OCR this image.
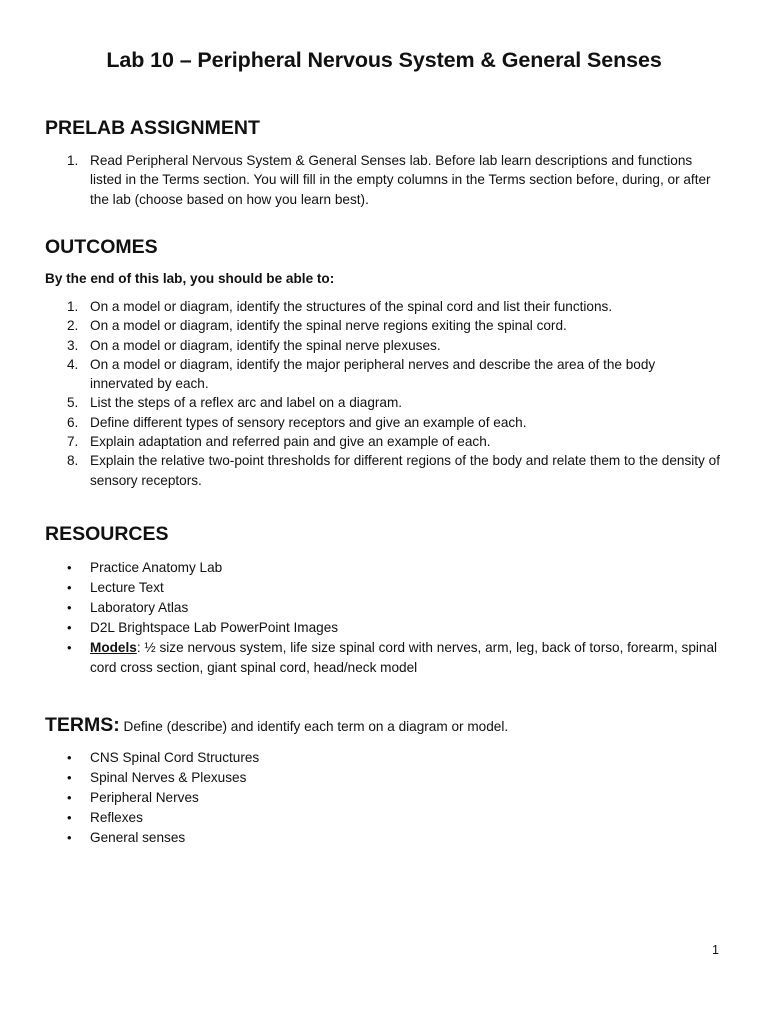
Lab 10 – Peripheral Nervous System & General Senses
PRELAB ASSIGNMENT
1. Read Peripheral Nervous System & General Senses lab. Before lab learn descriptions and functions listed in the Terms section. You will fill in the empty columns in the Terms section before, during, or after the lab (choose based on how you learn best).
OUTCOMES
By the end of this lab, you should be able to:
1. On a model or diagram, identify the structures of the spinal cord and list their functions.
2. On a model or diagram, identify the spinal nerve regions exiting the spinal cord.
3. On a model or diagram, identify the spinal nerve plexuses.
4. On a model or diagram, identify the major peripheral nerves and describe the area of the body innervated by each.
5. List the steps of a reflex arc and label on a diagram.
6. Define different types of sensory receptors and give an example of each.
7. Explain adaptation and referred pain and give an example of each.
8. Explain the relative two-point thresholds for different regions of the body and relate them to the density of sensory receptors.
RESOURCES
• Practice Anatomy Lab
• Lecture Text
• Laboratory Atlas
• D2L Brightspace Lab PowerPoint Images
• Models: ½ size nervous system, life size spinal cord with nerves, arm, leg, back of torso, forearm, spinal cord cross section, giant spinal cord, head/neck model
TERMS: Define (describe) and identify each term on a diagram or model.
• CNS Spinal Cord Structures
• Spinal Nerves & Plexuses
• Peripheral Nerves
• Reflexes
• General senses
1
